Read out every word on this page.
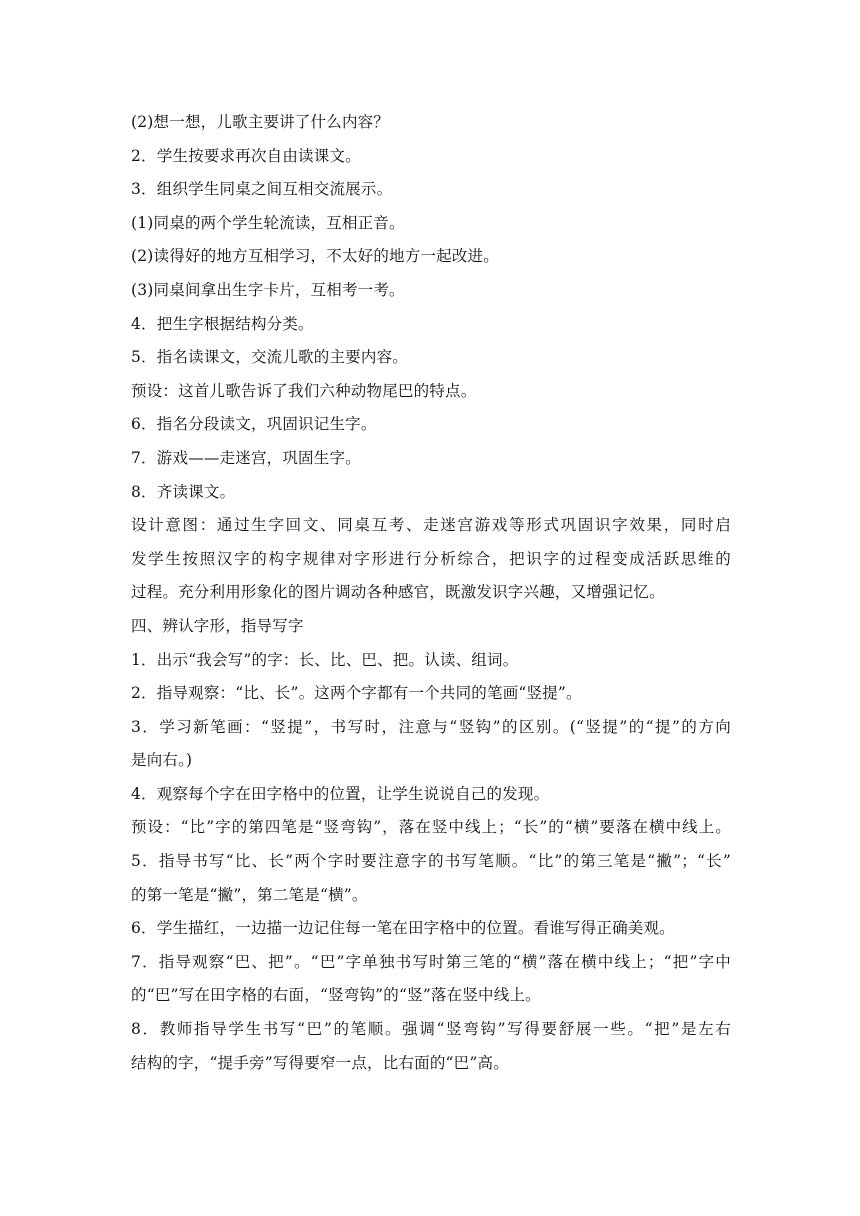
(2)想一想，儿歌主要讲了什么内容？
2．学生按要求再次自由读课文。
3．组织学生同桌之间互相交流展示。
(1)同桌的两个学生轮流读，互相正音。
(2)读得好的地方互相学习，不太好的地方一起改进。
(3)同桌间拿出生字卡片，互相考一考。
4．把生字根据结构分类。
5．指名读课文，交流儿歌的主要内容。
预设：这首儿歌告诉了我们六种动物尾巴的特点。
6．指名分段读文，巩固识记生字。
7．游戏——走迷宫，巩固生字。
8．齐读课文。
设计意图：通过生字回文、同桌互考、走迷宫游戏等形式巩固识字效果，同时启
发学生按照汉字的构字规律对字形进行分析综合，把识字的过程变成活跃思维的
过程。充分利用形象化的图片调动各种感官，既激发识字兴趣，又增强记忆。
四、辨认字形，指导写字
1．出示“我会写”的字：长、比、巴、把。认读、组词。
2．指导观察：“比、长”。这两个字都有一个共同的笔画“竖提”。
3．学习新笔画：“竖提”，书写时，注意与“竖钩”的区别。(“竖提”的“提”的方向
是向右。)
4．观察每个字在田字格中的位置，让学生说说自己的发现。
预设：“比”字的第四笔是“竖弯钩”，落在竖中线上；“长”的“横”要落在横中线上。
5．指导书写“比、长”两个字时要注意字的书写笔顺。“比”的第三笔是“撇”；“长”
的第一笔是“撇”，第二笔是“横”。
6．学生描红，一边描一边记住每一笔在田字格中的位置。看谁写得正确美观。
7．指导观察“巴、把”。“巴”字单独书写时第三笔的“横”落在横中线上；“把”字中
的“巴”写在田字格的右面，“竖弯钩”的“竖”落在竖中线上。
8．教师指导学生书写“巴”的笔顺。强调“竖弯钩”写得要舒展一些。“把”是左右
结构的字，“提手旁”写得要窄一点，比右面的“巴”高。
